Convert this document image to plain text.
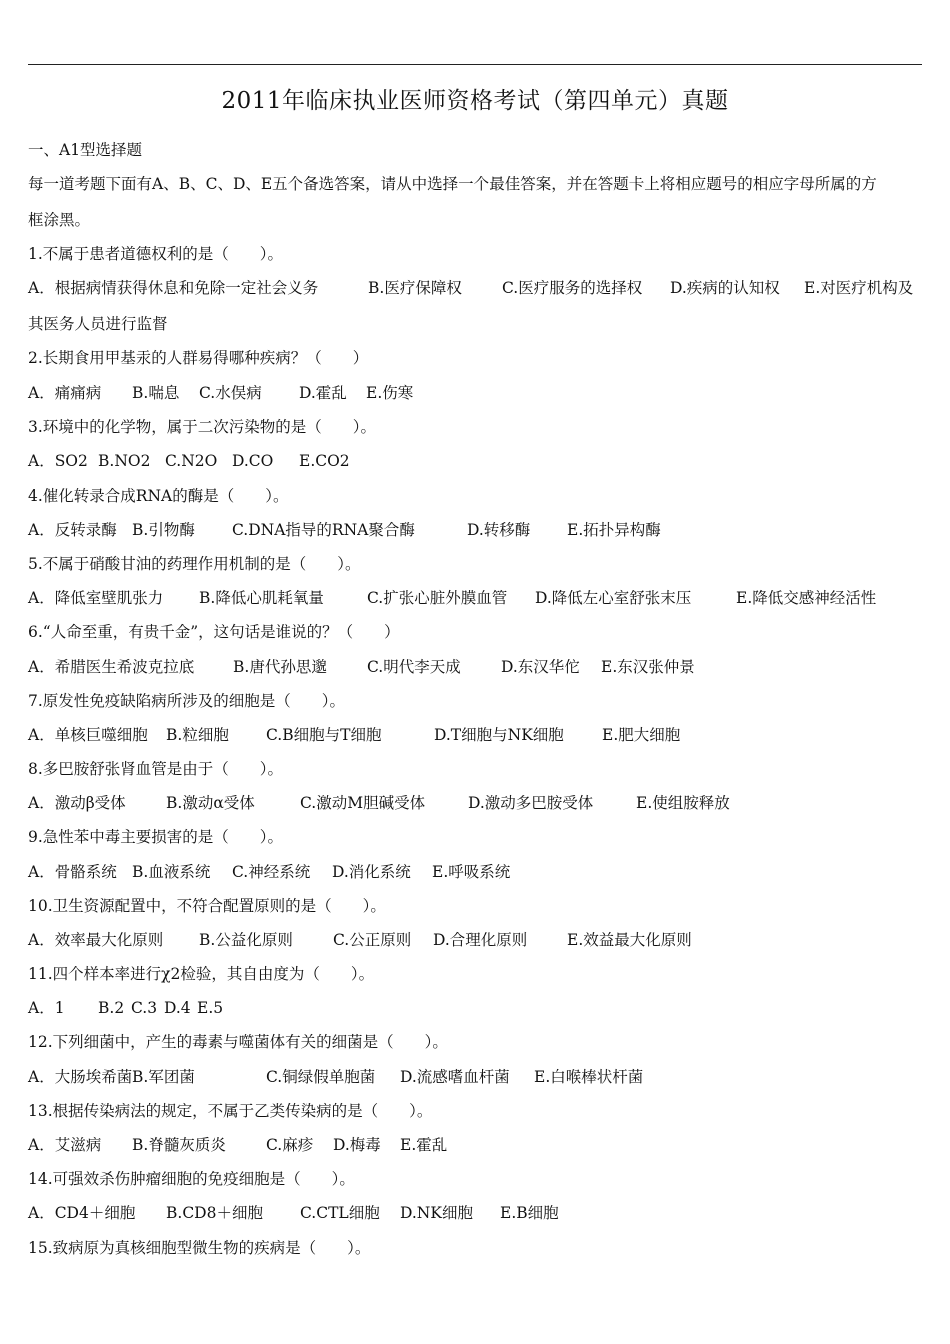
2011年临床执业医师资格考试（第四单元）真题
一、A1型选择题
每一道考题下面有A、B、C、D、E五个备选答案，请从中选择一个最佳答案，并在答题卡上将相应题号的相应字母所属的方
框涂黑。
1.不属于患者道德权利的是（　　）。
A．根据病情获得休息和免除一定社会义务	B.医疗保障权	C.医疗服务的选择权 D.疾病的认知权 E.对医疗机构及
其医务人员进行监督
2.长期食用甲基汞的人群易得哪种疾病？（　　）
A．痛痛病 B.喘息 C.水俣病 D.霍乱 E.伤寒
3.环境中的化学物，属于二次污染物的是（　　）。
A．SO2 B.NO2 C.N2O D.CO E.CO2
4.催化转录合成RNA的酶是（　　）。
A．反转录酶 B.引物酶 C.DNA指导的RNA聚合酶	D.转移酶 E.拓扑异构酶
5.不属于硝酸甘油的药理作用机制的是（　　）。
A．降低室壁肌张力 B.降低心肌耗氧量	C.扩张心脏外膜血管 D.降低左心室舒张末压	E.降低交感神经活性
6.“人命至重，有贵千金”，这句话是谁说的？（　　）
A．希腊医生希波克拉底	B.唐代孙思邈	C.明代李天成	D.东汉华佗 E.东汉张仲景
7.原发性免疫缺陷病所涉及的细胞是（　　）。
A．单核巨噬细胞 B.粒细胞 C.B细胞与T细胞	D.T细胞与NK细胞 E.肥大细胞
8.多巴胺舒张肾血管是由于（　　）。
A．激动β受体	B.激动α受体	C.激动M胆碱受体	D.激动多巴胺受体	E.使组胺释放
9.急性苯中毒主要损害的是（　　）。
A．骨骼系统 B.血液系统 C.神经系统 D.消化系统 E.呼吸系统
10.卫生资源配置中，不符合配置原则的是（　　）。
A．效率最大化原则 B.公益化原则	C.公正原则 D.合理化原则	E.效益最大化原则
11.四个样本率进行χ2检验，其自由度为（　　）。
A．1 B.2 C.3 D.4 E.5
12.下列细菌中，产生的毒素与噬菌体有关的细菌是（　　）。
A．大肠埃希菌B.军团菌	C.铜绿假单胞菌 D.流感嗜血杆菌 E.白喉棒状杆菌
13.根据传染病法的规定，不属于乙类传染病的是（　　）。
A．艾滋病 B.脊髓灰质炎	C.麻疹 D.梅毒 E.霍乱
14.可强效杀伤肿瘤细胞的免疫细胞是（　　）。
A．CD4＋细胞 B.CD8＋细胞 C.CTL细胞 D.NK细胞 E.B细胞
15.致病原为真核细胞型微生物的疾病是（　　）。
